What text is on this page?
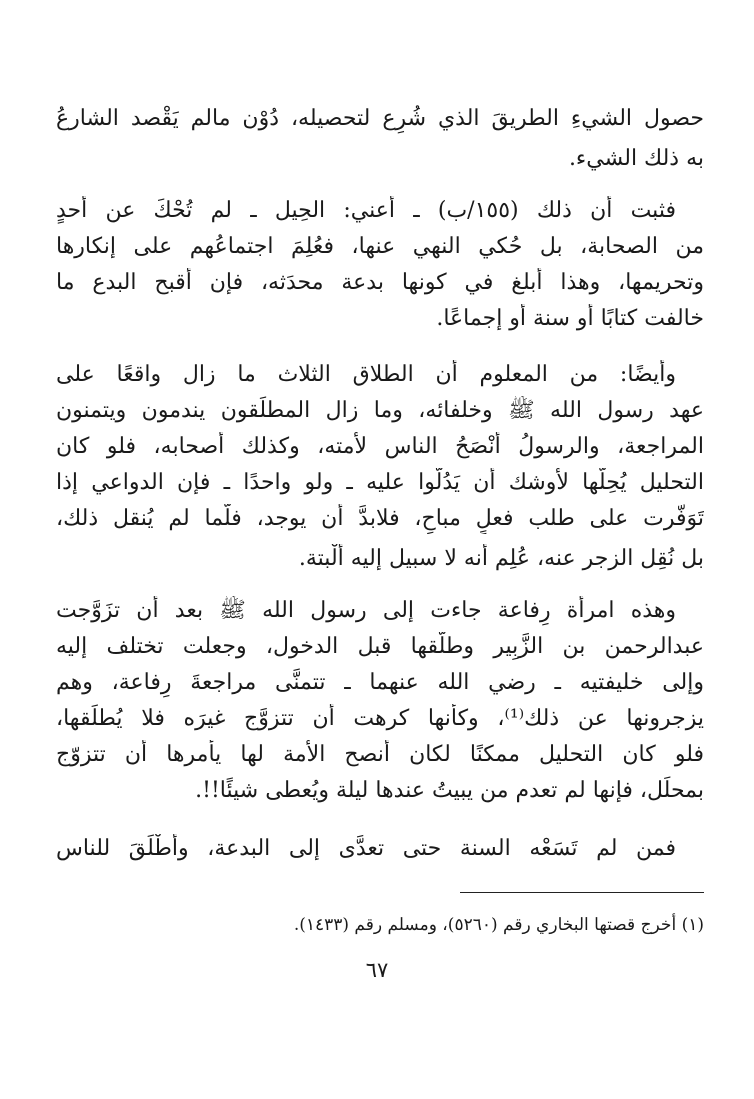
حصول الشيءِ الطريقَ الذي شُرِع لتحصيله، دُوْن مالم يَقْصد الشارعُ
به ذلك الشيء.
فثبت أن ذلك (١٥٥/ب) ـ أعني: الحِيل ـ لم تُحْكَ عن أحدٍ
من الصحابة، بل حُكي النهي عنها، فعُلِمَ اجتماعُهم على إنكارها
وتحريمها، وهذا أبلغ في كونها بدعة محدَثه، فإن أقبح البدع ما
خالفت كتابًا أو سنة أو إجماعًا.
وأيضًا: من المعلوم أن الطلاق الثلاث ما زال واقعًا على
عهد رسول الله ﷺ وخلفائه، وما زال المطلِّقون يندمون ويتمنون
المراجعة، والرسولُ أَنْصَحُ الناس لأمته، وكذلك أصحابه، فلو كان
التحليل يُحِلُّها لأوشك أن يَدُلُّوا عليه ـ ولو واحدًا ـ فإن الدواعي إذا
تَوَفَّرت على طلب فعلٍ مباحٍ، فلابدَّ أن يوجد، فلَّما لم يُنقل ذلك،
بل نُقِل الزجر عنه، عُلِم أنه لا سبيل إليه ألْبتة.
وهذه امرأة رِفاعة جاءت إلى رسول الله ﷺ بعد أن تزَوَّجت
عبدالرحمن بن الزَّبِير وطلَّقها قبل الدخول، وجعلت تختلف إليه
وإلى خليفتيه ـ رضي الله عنهما ـ تتمنَّى مراجعةَ رِفاعة، وهم
يزجرونها عن ذلك⁽¹⁾، وكأنها كرهت أن تتزوَّج غيرَه فلا يُطلِّقها،
فلو كان التحليل ممكنًا لكان أنصح الأمة لها يأمرها أن تتزوّج
بمحلِّل، فإنها لم تعدم من يبيتُ عندها ليلة ويُعطى شيئًا!!.
فمن لم تَسَعْه السنة حتى تعدَّى إلى البدعة، وأطْلَقَ للناس
(١) أخرج قصتها البخاري رقم (٥٢٦٠)، ومسلم رقم (١٤٣٣).
٦٧
